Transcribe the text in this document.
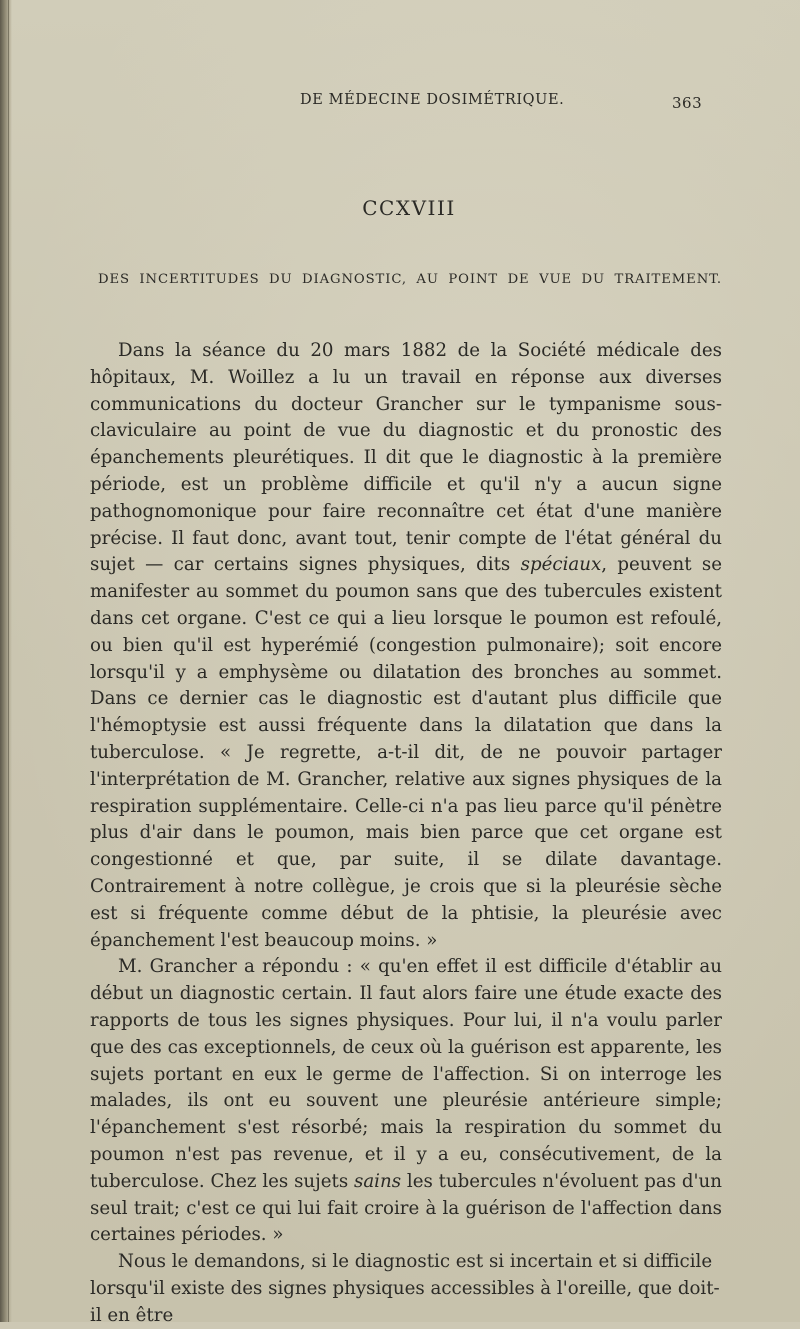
DE MÉDECINE DOSIMÉTRIQUE.	363
CCXVIII
DES INCERTITUDES DU DIAGNOSTIC, AU POINT DE VUE DU TRAITEMENT.

Dans la séance du 20 mars 1882 de la Société médicale des hôpitaux, M. Woillez a lu un travail en réponse aux diverses communications du docteur Grancher sur le tympanisme sous-claviculaire au point de vue du diagnostic et du pronostic des épanchements pleurétiques. Il dit que le diagnostic à la première période, est un problème difficile et qu'il n'y a aucun signe pathognomonique pour faire reconnaître cet état d'une manière précise. Il faut donc, avant tout, tenir compte de l'état général du sujet — car certains signes physiques, dits spéciaux, peuvent se manifester au sommet du poumon sans que des tubercules existent dans cet organe. C'est ce qui a lieu lorsque le poumon est refoulé, ou bien qu'il est hyperémié (congestion pulmonaire); soit encore lorsqu'il y a emphysème ou dilatation des bronches au sommet. Dans ce dernier cas le diagnostic est d'autant plus difficile que l'hémoptysie est aussi fréquente dans la dilatation que dans la tuberculose. « Je regrette, a-t-il dit, de ne pouvoir partager l'interprétation de M. Grancher, relative aux signes physiques de la respiration supplémentaire. Celle-ci n'a pas lieu parce qu'il pénètre plus d'air dans le poumon, mais bien parce que cet organe est congestionné et que, par suite, il se dilate davantage. Contrairement à notre collègue, je crois que si la pleurésie sèche est si fréquente comme début de la phtisie, la pleurésie avec épanchement l'est beaucoup moins. »

M. Grancher a répondu : « qu'en effet il est difficile d'établir au début un diagnostic certain. Il faut alors faire une étude exacte des rapports de tous les signes physiques. Pour lui, il n'a voulu parler que des cas exceptionnels, de ceux où la guérison est apparente, les sujets portant en eux le germe de l'affection. Si on interroge les malades, ils ont eu souvent une pleurésie antérieure simple; l'épanchement s'est résorbé; mais la respiration du sommet du poumon n'est pas revenue, et il y a eu, consécutivement, de la tuberculose. Chez les sujets sains les tubercules n'évoluent pas d'un seul trait; c'est ce qui lui fait croire à la guérison de l'affection dans certaines périodes. »

Nous le demandons, si le diagnostic est si incertain et si difficile lorsqu'il existe des signes physiques accessibles à l'oreille, que doit-il en être
